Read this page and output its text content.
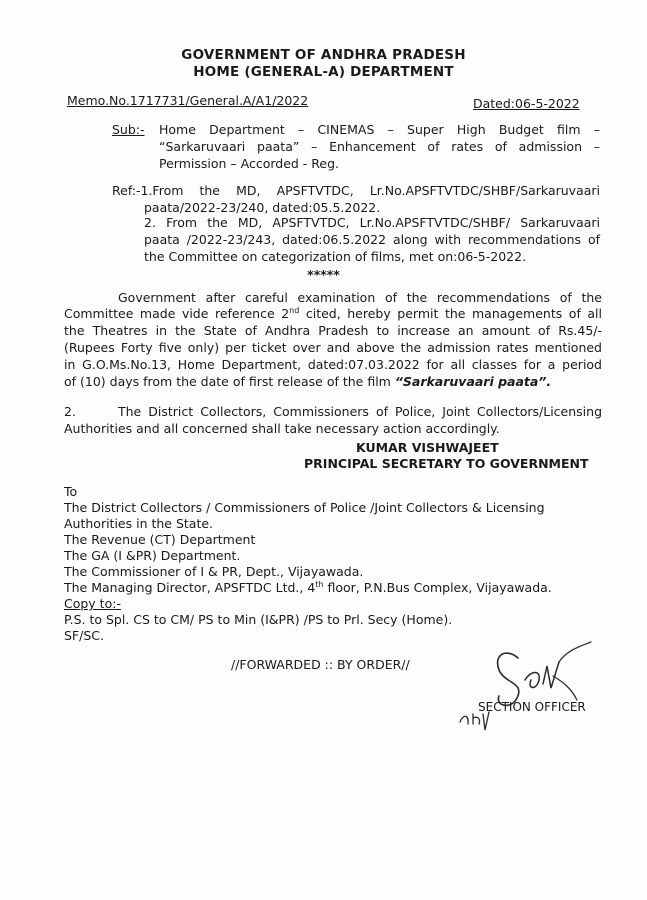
GOVERNMENT OF ANDHRA PRADESH
HOME (GENERAL-A) DEPARTMENT
Memo.No.1717731/General.A/A1/2022	Dated:06-5-2022
Sub:- Home Department – CINEMAS – Super High Budget film –
“Sarkaruvaari paata” – Enhancement of rates of admission –
Permission – Accorded - Reg.
Ref:-1.From the MD, APSFTVTDC, Lr.No.APSFTVTDC/SHBF/Sarkaruvaari
paata/2022-23/240, dated:05.5.2022.
2. From the MD, APSFTVTDC, Lr.No.APSFTVTDC/SHBF/ Sarkaruvaari
paata /2022-23/243, dated:06.5.2022 along with recommendations of
the Committee on categorization of films, met on:06-5-2022.
*****
Government after careful examination of the recommendations of the
Committee made vide reference 2nd cited, hereby permit the managements of all
the Theatres in the State of Andhra Pradesh to increase an amount of Rs.45/-
(Rupees Forty five only) per ticket over and above the admission rates mentioned
in G.O.Ms.No.13, Home Department, dated:07.03.2022 for all classes for a period
of (10) days from the date of first release of the film “Sarkaruvaari paata”.
2.	The District Collectors, Commissioners of Police, Joint Collectors/Licensing
Authorities and all concerned shall take necessary action accordingly.
KUMAR VISHWAJEET
PRINCIPAL SECRETARY TO GOVERNMENT
To
The District Collectors / Commissioners of Police /Joint Collectors & Licensing
Authorities in the State.
The Revenue (CT) Department
The GA (I &PR) Department.
The Commissioner of I & PR, Dept., Vijayawada.
The Managing Director, APSFTDC Ltd., 4th floor, P.N.Bus Complex, Vijayawada.
Copy to:-
P.S. to Spl. CS to CM/ PS to Min (I&PR) /PS to Prl. Secy (Home).
SF/SC.
//FORWARDED :: BY ORDER//
SECTION OFFICER
